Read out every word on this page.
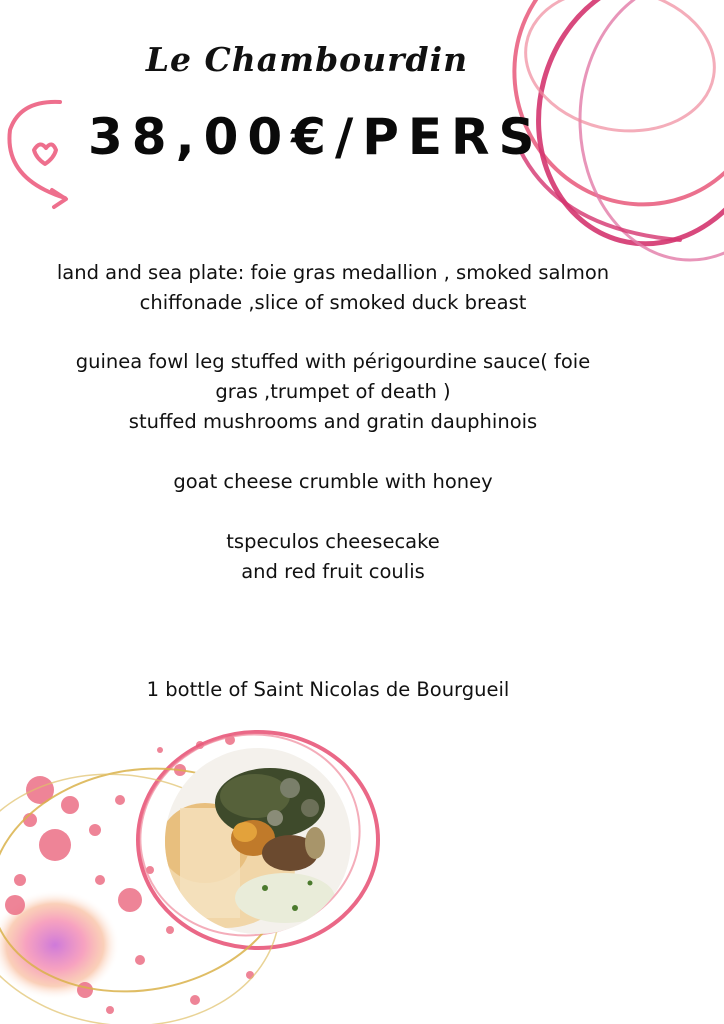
Le Chambourdin
38,00€/PERS
land and sea plate: foie gras medallion , smoked salmon
chiffonade ,slice of smoked duck breast
guinea fowl leg stuffed with périgourdine sauce( foie
gras ,trumpet of death )
stuffed mushrooms and gratin dauphinois
goat cheese crumble with honey
tspeculos cheesecake
and red fruit coulis
1 bottle of Saint Nicolas de Bourgueil
